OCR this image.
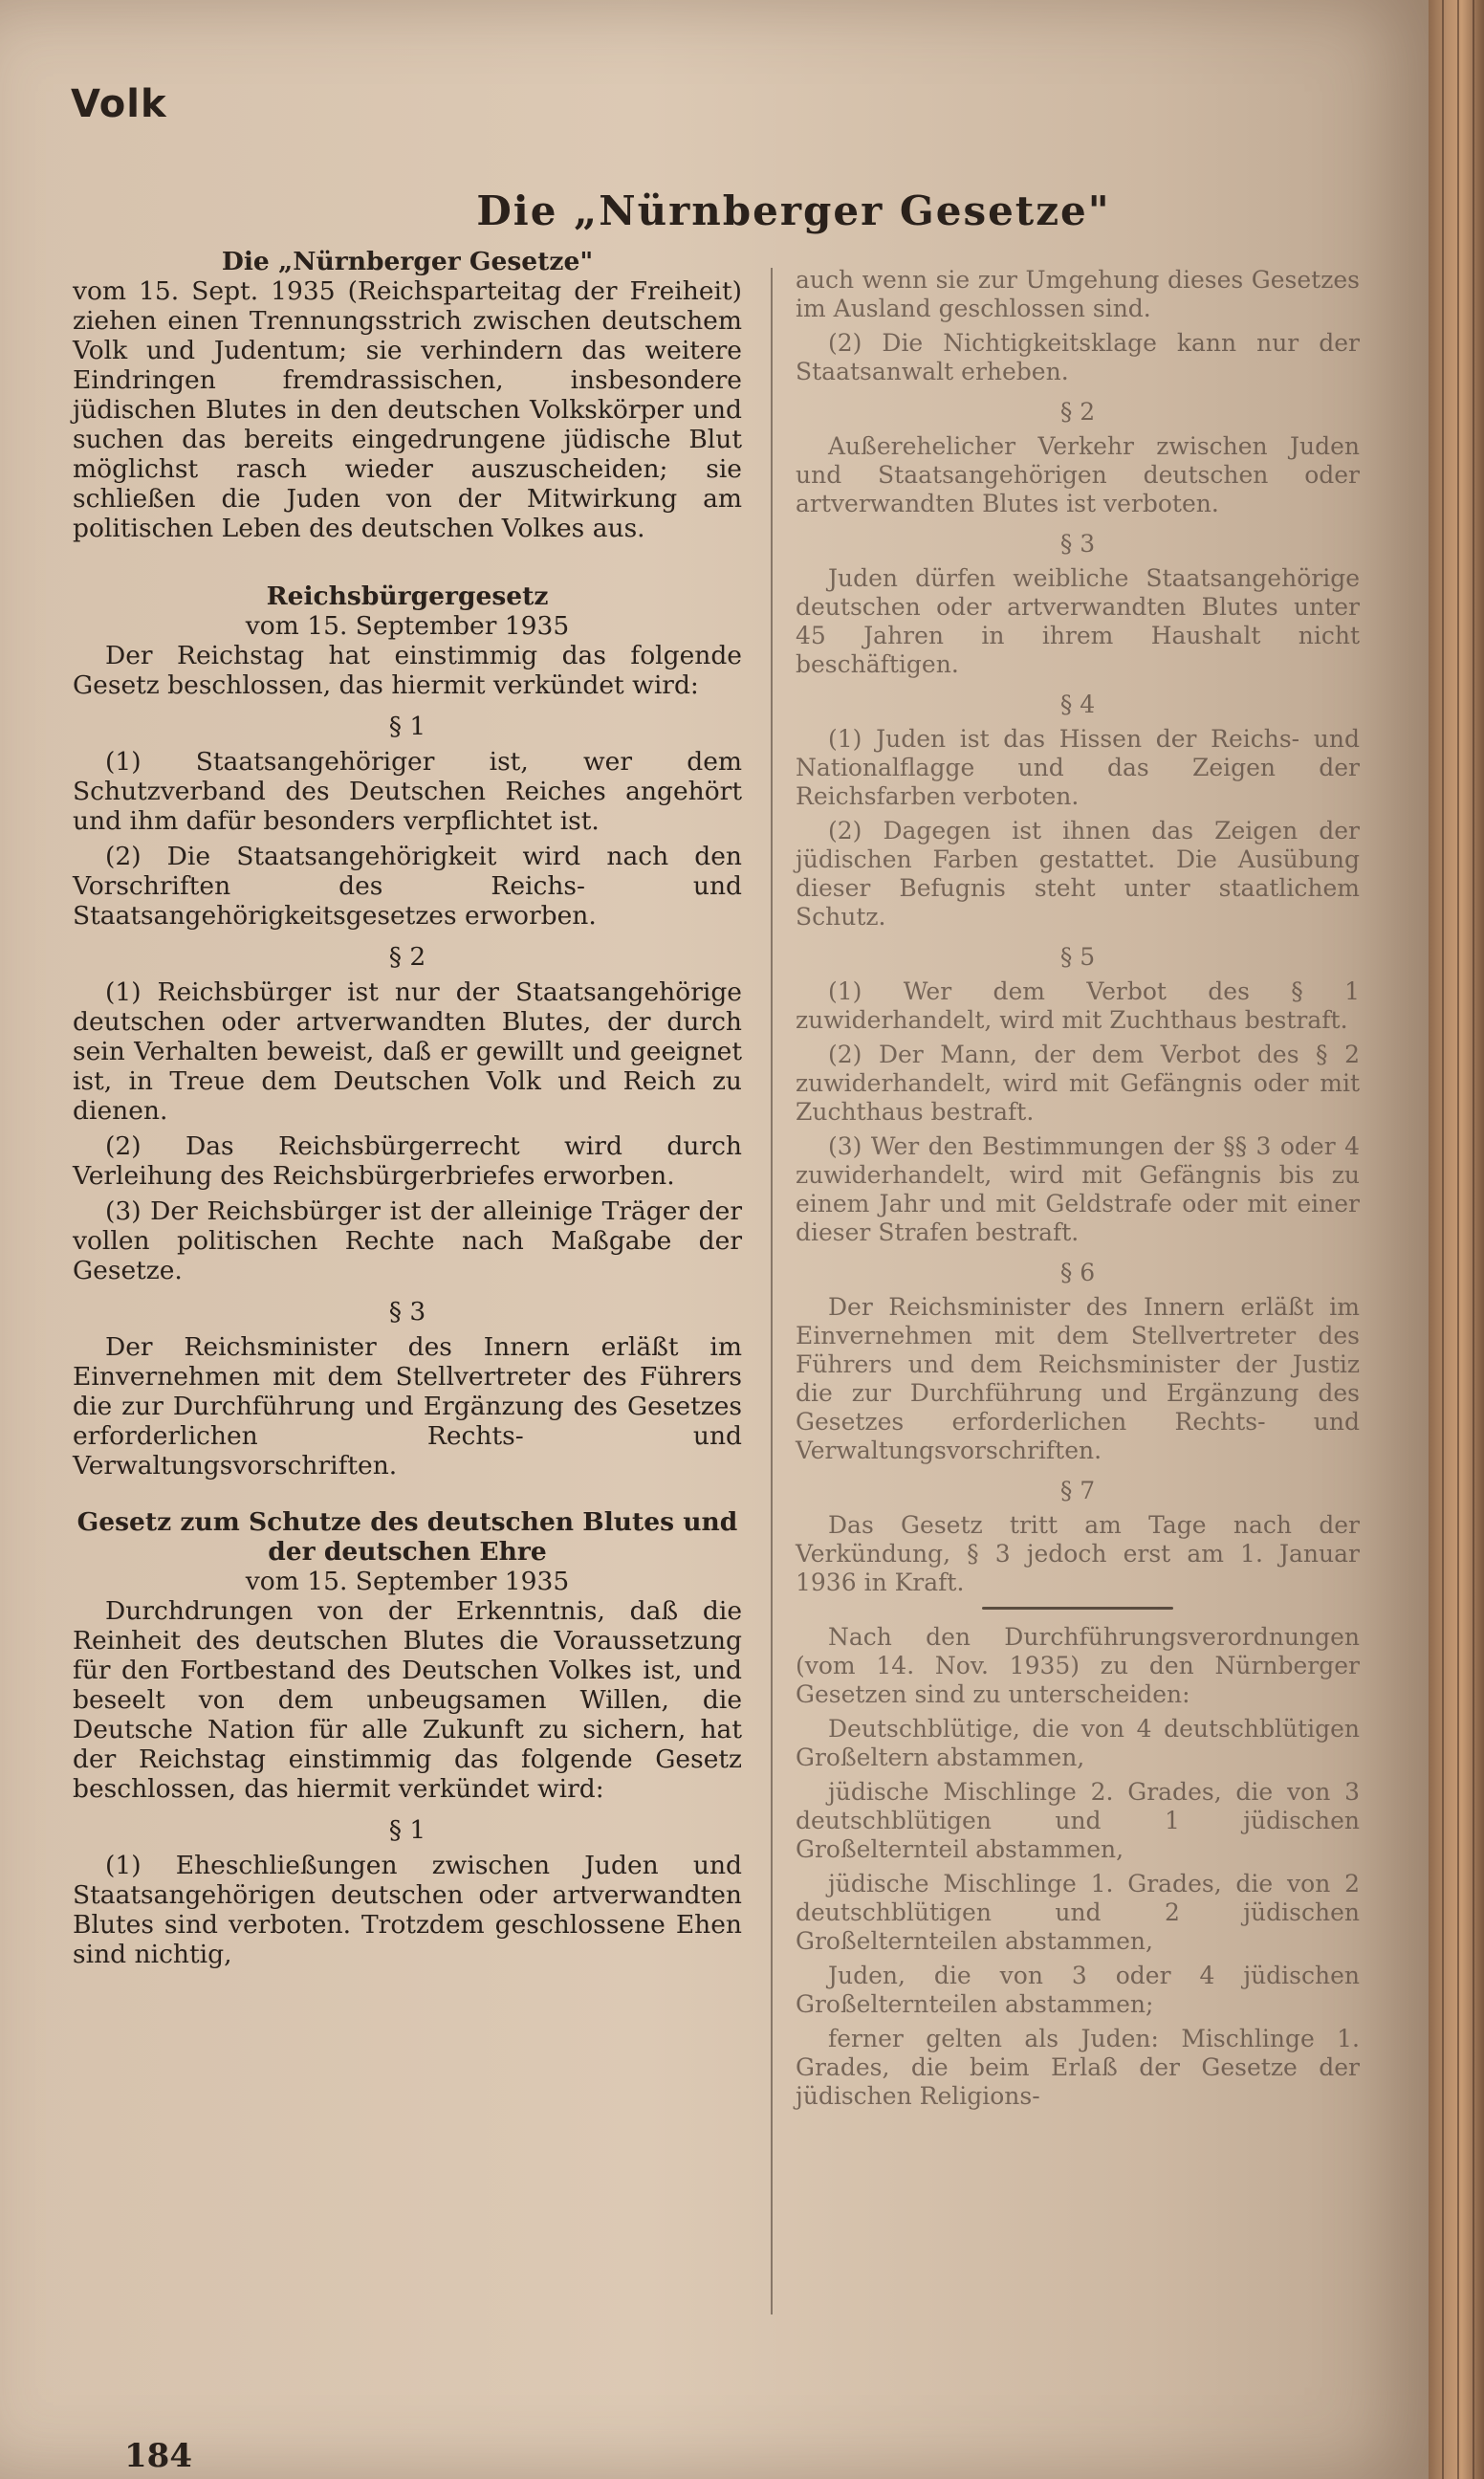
Volk
Die „Nürnberger Gesetze"
Die „Nürnberger Gesetze"

vom 15. Sept. 1935 (Reichsparteitag der Freiheit) ziehen einen Trennungsstrich zwischen deutschem Volk und Judentum; sie verhindern das weitere Eindringen fremdrassischen, insbesondere jüdischen Blutes in den deutschen Volkskörper und suchen das bereits eingedrungene jüdische Blut möglichst rasch wieder auszuscheiden; sie schließen die Juden von der Mitwirkung am politischen Leben des deutschen Volkes aus.

Reichsbürgergesetz
vom 15. September 1935

Der Reichstag hat einstimmig das folgende Gesetz beschlossen, das hiermit verkündet wird:

§ 1

(1) Staatsangehöriger ist, wer dem Schutzverband des Deutschen Reiches angehört und ihm dafür besonders verpflichtet ist.

(2) Die Staatsangehörigkeit wird nach den Vorschriften des Reichs- und Staatsangehörigkeitsgesetzes erworben.

§ 2

(1) Reichsbürger ist nur der Staatsangehörige deutschen oder artverwandten Blutes, der durch sein Verhalten beweist, daß er gewillt und geeignet ist, in Treue dem Deutschen Volk und Reich zu dienen.

(2) Das Reichsbürgerrecht wird durch Verleihung des Reichsbürgerbriefes erworben.

(3) Der Reichsbürger ist der alleinige Träger der vollen politischen Rechte nach Maßgabe der Gesetze.

§ 3

Der Reichsminister des Innern erläßt im Einvernehmen mit dem Stellvertreter des Führers die zur Durchführung und Ergänzung des Gesetzes erforderlichen Rechts- und Verwaltungsvorschriften.

Gesetz zum Schutze des deutschen Blutes und der deutschen Ehre
vom 15. September 1935

Durchdrungen von der Erkenntnis, daß die Reinheit des deutschen Blutes die Voraussetzung für den Fortbestand des Deutschen Volkes ist, und beseelt von dem unbeugsamen Willen, die Deutsche Nation für alle Zukunft zu sichern, hat der Reichstag einstimmig das folgende Gesetz beschlossen, das hiermit verkündet wird:

§ 1

(1) Eheschließungen zwischen Juden und Staatsangehörigen deutschen oder artverwandten Blutes sind verboten. Trotzdem geschlossene Ehen sind nichtig,

auch wenn sie zur Umgehung dieses Gesetzes im Ausland geschlossen sind.

(2) Die Nichtigkeitsklage kann nur der Staatsanwalt erheben.

§ 2

Außerehelicher Verkehr zwischen Juden und Staatsangehörigen deutschen oder artverwandten Blutes ist verboten.

§ 3

Juden dürfen weibliche Staatsangehörige deutschen oder artverwandten Blutes unter 45 Jahren in ihrem Haushalt nicht beschäftigen.

§ 4

(1) Juden ist das Hissen der Reichs- und Nationalflagge und das Zeigen der Reichsfarben verboten.

(2) Dagegen ist ihnen das Zeigen der jüdischen Farben gestattet. Die Ausübung dieser Befugnis steht unter staatlichem Schutz.

§ 5

(1) Wer dem Verbot des § 1 zuwiderhandelt, wird mit Zuchthaus bestraft.

(2) Der Mann, der dem Verbot des § 2 zuwiderhandelt, wird mit Gefängnis oder mit Zuchthaus bestraft.

(3) Wer den Bestimmungen der §§ 3 oder 4 zuwiderhandelt, wird mit Gefängnis bis zu einem Jahr und mit Geldstrafe oder mit einer dieser Strafen bestraft.

§ 6

Der Reichsminister des Innern erläßt im Einvernehmen mit dem Stellvertreter des Führers und dem Reichsminister der Justiz die zur Durchführung und Ergänzung des Gesetzes erforderlichen Rechts- und Verwaltungsvorschriften.

§ 7

Das Gesetz tritt am Tage nach der Verkündung, § 3 jedoch erst am 1. Januar 1936 in Kraft.

Nach den Durchführungsverordnungen (vom 14. Nov. 1935) zu den Nürnberger Gesetzen sind zu unterscheiden:

Deutschblütige, die von 4 deutschblütigen Großeltern abstammen,

jüdische Mischlinge 2. Grades, die von 3 deutschblütigen und 1 jüdischen Großelternteil abstammen,

jüdische Mischlinge 1. Grades, die von 2 deutschblütigen und 2 jüdischen Großelternteilen abstammen,

Juden, die von 3 oder 4 jüdischen Großelternteilen abstammen;

ferner gelten als Juden: Mischlinge 1. Grades, die beim Erlaß der Gesetze der jüdischen Religions-

184
